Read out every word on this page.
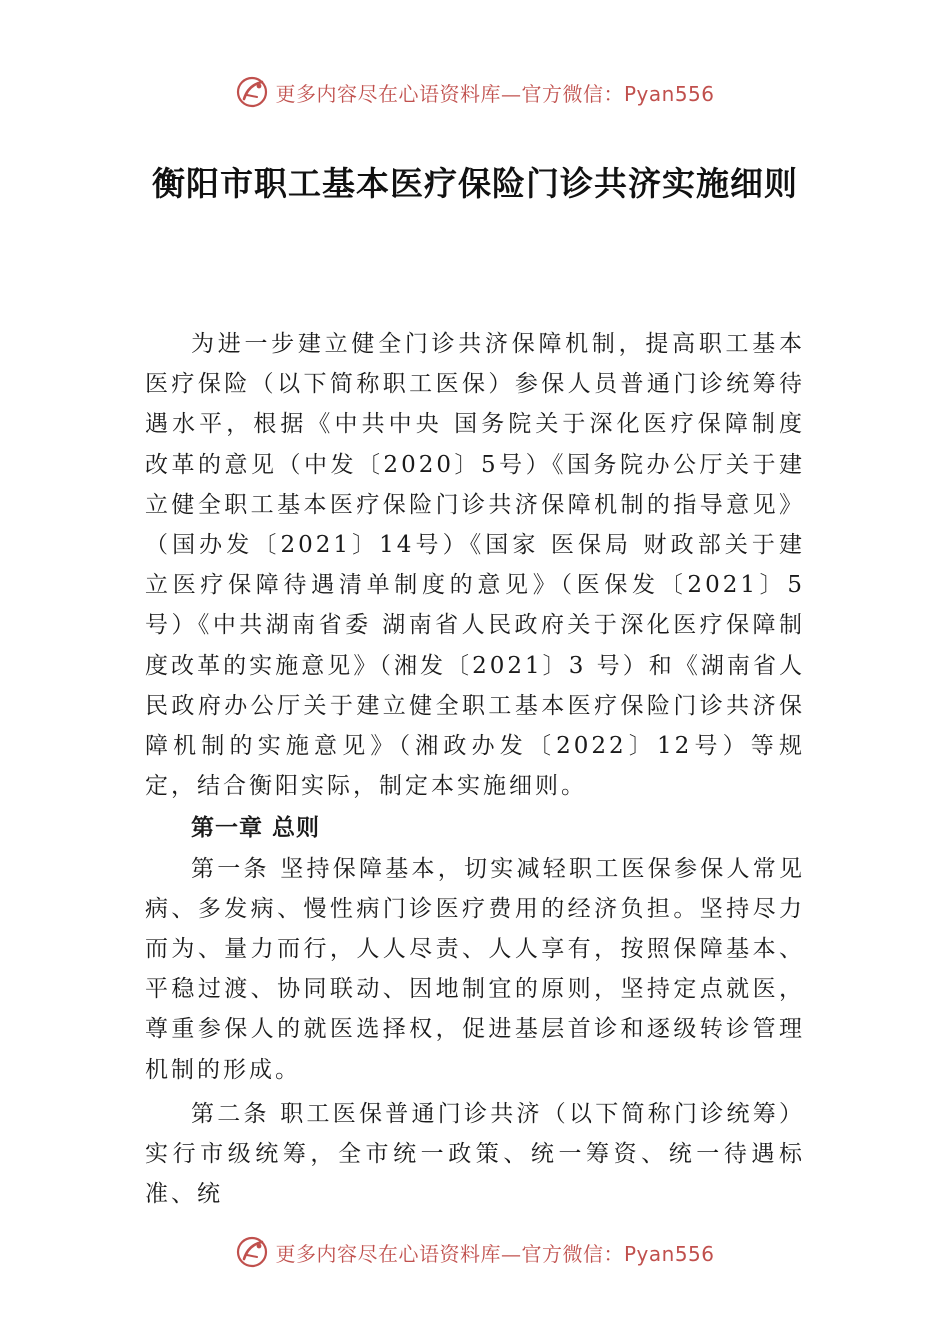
更多内容尽在心语资料库—官方微信：Pyan556
衡阳市职工基本医疗保险门诊共济实施细则

为进一步建立健全门诊共济保障机制，提高职工基本医疗保险（以下简称职工医保）参保人员普通门诊统筹待遇水平，根据《中共中央 国务院关于深化医疗保障制度改革的意见（中发〔2020〕5号）《国务院办公厅关于建立健全职工基本医疗保险门诊共济保障机制的指导意见》（国办发〔2021〕14号）《国家 医保局 财政部关于建立医疗保障待遇清单制度的意见》（医保发〔2021〕5号）《中共湖南省委 湖南省人民政府关于深化医疗保障制度改革的实施意见》（湘发〔2021〕3 号）和《湖南省人民政府办公厅关于建立健全职工基本医疗保险门诊共济保障机制的实施意见》（湘政办发〔2022〕12号）等规定，结合衡阳实际，制定本实施细则。

第一章 总则

第一条 坚持保障基本，切实减轻职工医保参保人常见病、多发病、慢性病门诊医疗费用的经济负担。坚持尽力而为、量力而行，人人尽责、人人享有，按照保障基本、平稳过渡、协同联动、因地制宜的原则，坚持定点就医，尊重参保人的就医选择权，促进基层首诊和逐级转诊管理机制的形成。

第二条 职工医保普通门诊共济（以下简称门诊统筹）实行市级统筹，全市统一政策、统一筹资、统一待遇标准、统

更多内容尽在心语资料库—官方微信：Pyan556
